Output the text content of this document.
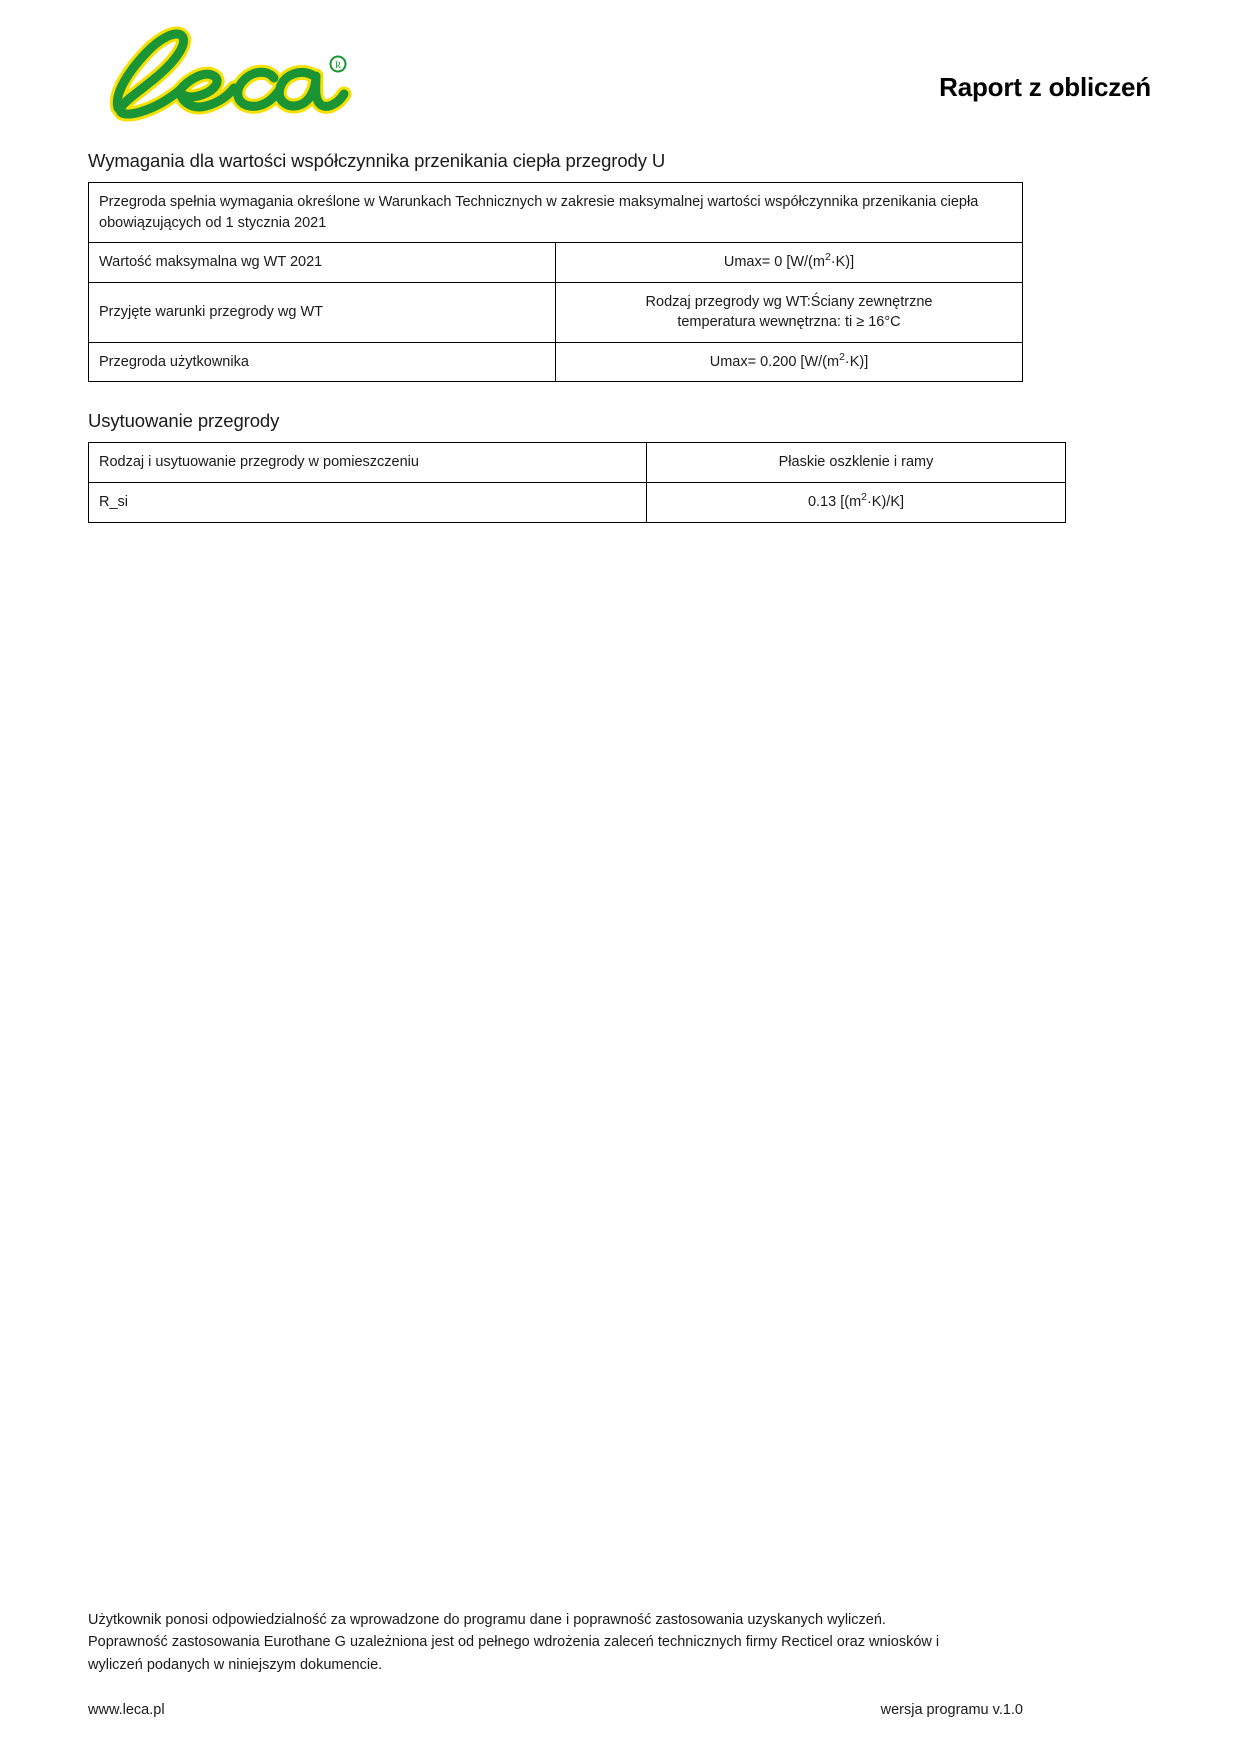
R
Raport z obliczeń
Wymagania dla wartości współczynnika przenikania ciepła przegrody U
Przegroda spełnia wymagania określone w Warunkach Technicznych w zakresie maksymalnej wartości współczynnika przenikania ciepła obowiązujących od 1 stycznia 2021	
Wartość maksymalna wg WT 2021	Umax= 0 $[W/(m^2\cdot K)]$
Przyjęte warunki przegrody wg WT	Rodzaj przegrody wg WT:Ściany zewnętrzne
temperatura wewnętrzna: ti ≥ 16°C

Przegroda użytkownika	Umax= 0.200 $[W/(m^2\cdot K)]$
Usytuowanie przegrody
Rodzaj i usytuowanie przegrody w pomieszczeniu	Płaskie oszklenie i ramy
R_si	0.13 $[(m^2\cdot K)/K]$
Użytkownik ponosi odpowiedzialność za wprowadzone do programu dane i poprawność zastosowania uzyskanych wyliczeń.
Poprawność zastosowania Eurothane G uzależniona jest od pełnego wdrożenia zaleceń technicznych firmy Recticel oraz wniosków i
wyliczeń podanych w niniejszym dokumencie.
www.leca.pl	wersja programu v.1.0
